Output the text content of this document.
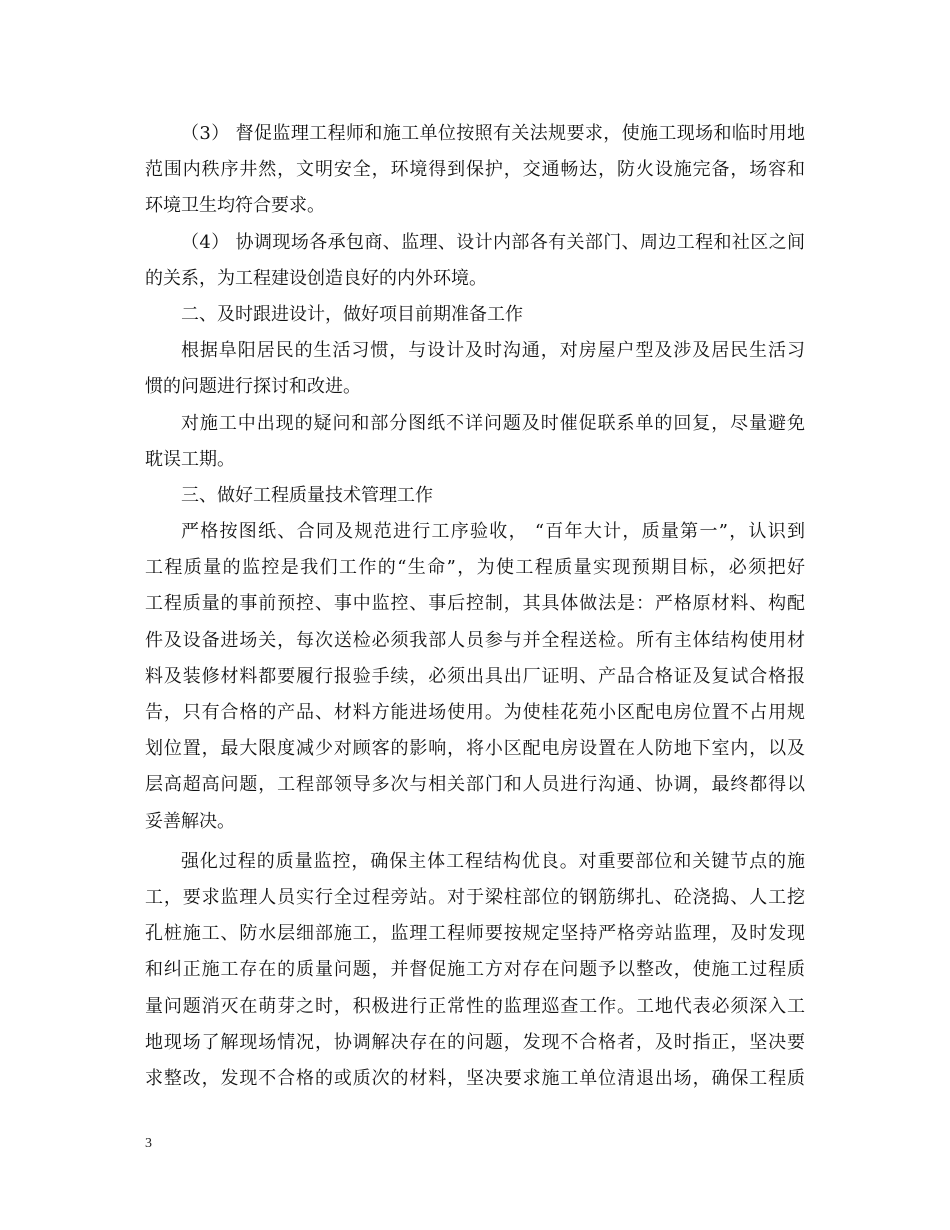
（3） 督促监理工程师和施工单位按照有关法规要求，使施工现场和临时用地
范围内秩序井然，文明安全，环境得到保护，交通畅达，防火设施完备，场容和
环境卫生均符合要求。
（4） 协调现场各承包商、监理、设计内部各有关部门、周边工程和社区之间
的关系，为工程建设创造良好的内外环境。
二、及时跟进设计，做好项目前期准备工作
根据阜阳居民的生活习惯，与设计及时沟通，对房屋户型及涉及居民生活习
惯的问题进行探讨和改进。
对施工中出现的疑问和部分图纸不详问题及时催促联系单的回复，尽量避免
耽误工期。
三、做好工程质量技术管理工作
严格按图纸、合同及规范进行工序验收， “百年大计，质量第一”，认识到
工程质量的监控是我们工作的“生命”，为使工程质量实现预期目标，必须把好
工程质量的事前预控、事中监控、事后控制，其具体做法是：严格原材料、构配
件及设备进场关，每次送检必须我部人员参与并全程送检。所有主体结构使用材
料及装修材料都要履行报验手续，必须出具出厂证明、产品合格证及复试合格报
告，只有合格的产品、材料方能进场使用。为使桂花苑小区配电房位置不占用规
划位置，最大限度减少对顾客的影响，将小区配电房设置在人防地下室内，以及
层高超高问题，工程部领导多次与相关部门和人员进行沟通、协调，最终都得以
妥善解决。
强化过程的质量监控，确保主体工程结构优良。对重要部位和关键节点的施
工，要求监理人员实行全过程旁站。对于梁柱部位的钢筋绑扎、砼浇捣、人工挖
孔桩施工、防水层细部施工，监理工程师要按规定坚持严格旁站监理，及时发现
和纠正施工存在的质量问题，并督促施工方对存在问题予以整改，使施工过程质
量问题消灭在萌芽之时，积极进行正常性的监理巡查工作。工地代表必须深入工
地现场了解现场情况，协调解决存在的问题，发现不合格者，及时指正，坚决要
求整改，发现不合格的或质次的材料，坚决要求施工单位清退出场，确保工程质
3
